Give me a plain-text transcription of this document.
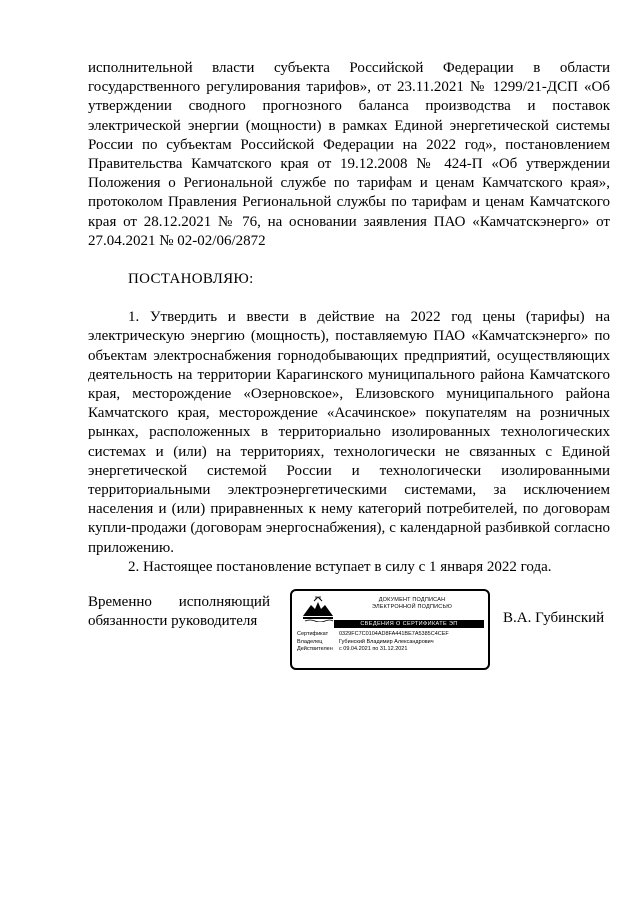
исполнительной власти субъекта Российской Федерации в области государственного регулирования тарифов», от 23.11.2021 № 1299/21-ДСП «Об утверждении сводного прогнозного баланса производства и поставок электрической энергии (мощности) в рамках Единой энергетической системы России по субъектам Российской Федерации на 2022 год», постановлением Правительства Камчатского края от 19.12.2008 № 424-П «Об утверждении Положения о Региональной службе по тарифам и ценам Камчатского края», протоколом Правления Региональной службы по тарифам и ценам Камчатского края от 28.12.2021 № 76, на основании заявления ПАО «Камчатскэнерго» от 27.04.2021 № 02-02/06/2872

ПОСТАНОВЛЯЮ:

1. Утвердить и ввести в действие на 2022 год цены (тарифы) на электрическую энергию (мощность), поставляемую ПАО «Камчатскэнерго» по объектам электроснабжения горнодобывающих предприятий, осуществляющих деятельность на территории Карагинского муниципального района Камчатского края, месторождение «Озерновское», Елизовского муниципального района Камчатского края, месторождение «Асачинское» покупателям на розничных рынках, расположенных в территориально изолированных технологических системах и (или) на территориях, технологически не связанных с Единой энергетической системой России и технологически изолированными территориальными электроэнергетическими системами, за исключением населения и (или) приравненных к нему категорий потребителей, по договорам купли-продажи (договорам энергоснабжения), с календарной разбивкой согласно приложению.

2. Настоящее постановление вступает в силу с 1 января 2022 года.

Временно исполняющий
обязанности руководителя
ДОКУМЕНТ ПОДПИСАН
ЭЛЕКТРОННОЙ ПОДПИСЬЮ
СВЕДЕНИЯ О СЕРТИФИКАТЕ ЭП
Сертификат	0329FC7C0104AD8FA441BE7A5385C4CEF
Владелец	Губинский Владимир Александрович
Действителен	с 09.04.2021 по 31.12.2021
В.А. Губинский
